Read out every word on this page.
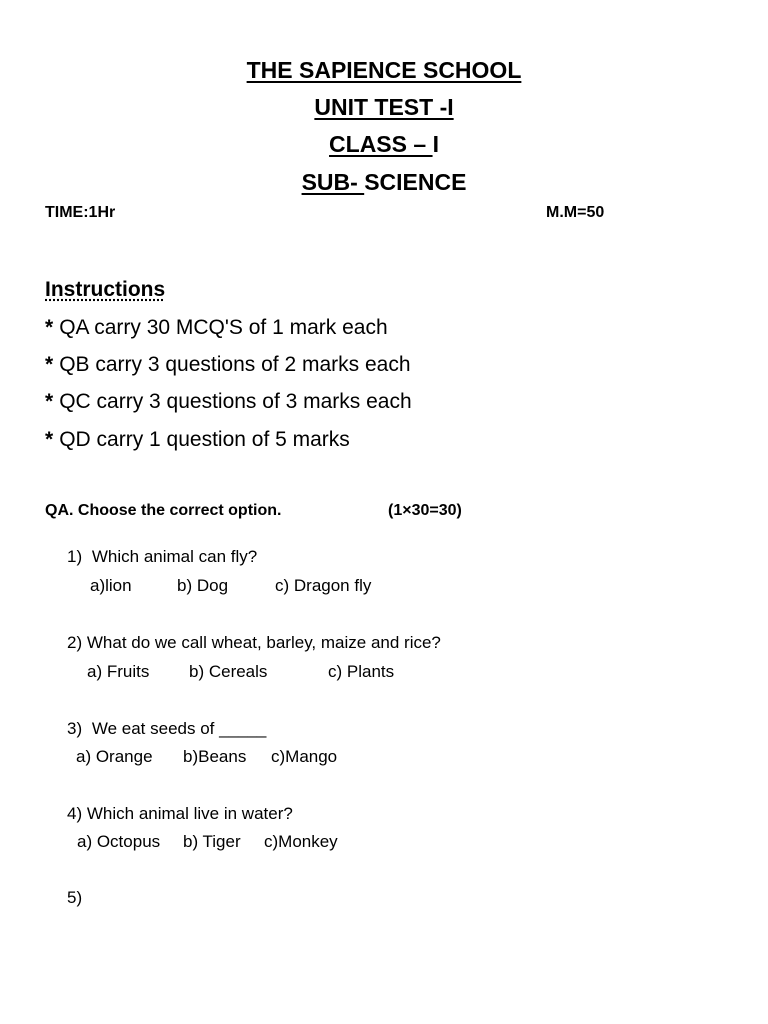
THE SAPIENCE SCHOOL
UNIT TEST -I
CLASS – I
SUB- SCIENCE
TIME:1Hr	M.M=50
Instructions
* QA carry 30 MCQ'S of 1 mark each
* QB carry 3 questions of 2 marks each
* QC carry 3 questions of 3 marks each
* QD carry 1 question of 5 marks
QA. Choose the correct option.	(1×30=30)
1) Which animal can fly?
a)lion	b) Dog	c) Dragon fly
2) What do we call wheat, barley, maize and rice?
a) Fruits b) Cereals	c) Plants
3) We eat seeds of _____
a) Orange b)Beans c)Mango
4) Which animal live in water?
a) Octopus b) Tiger c)Monkey
5)
